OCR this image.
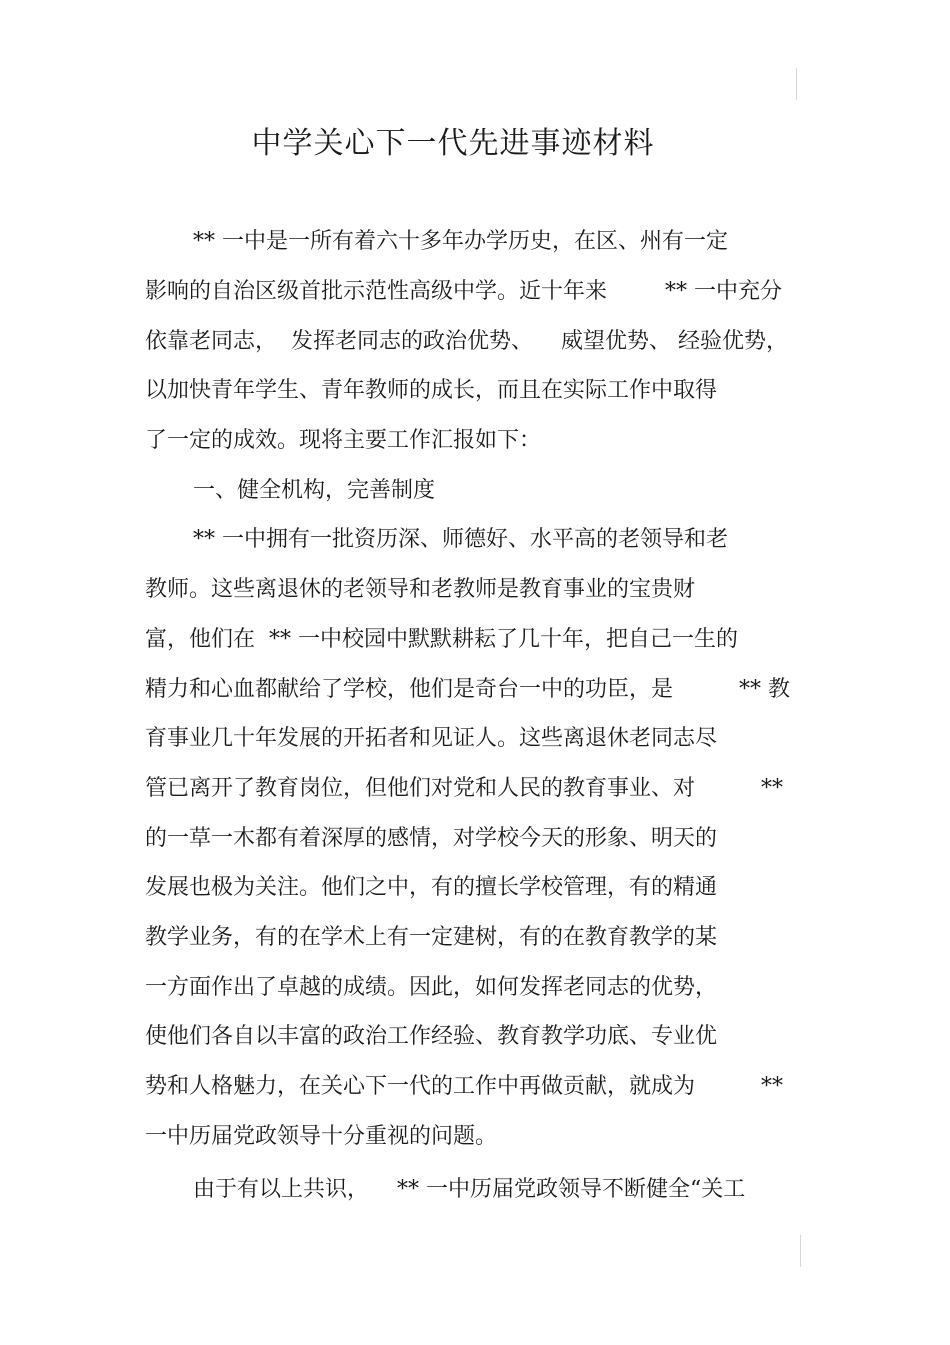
中学关心下一代先进事迹材料

** 一中是一所有着六十多年办学历史，在区、州有一定

影响的自治区级首批示范性高级中学。近十年来　　  ** 一中充分

依靠老同志，  发挥老同志的政治优势、    威望优势、 经验优势，

以加快青年学生、青年教师的成长，而且在实际工作中取得

了一定的成效。现将主要工作汇报如下：

一、健全机构，完善制度

** 一中拥有一批资历深、师德好、水平高的老领导和老

教师。这些离退休的老领导和老教师是教育事业的宝贵财

富，他们在  ** 一中校园中默默耕耘了几十年，把自己一生的

精力和心血都献给了学校，他们是奇台一中的功臣，是　　　** 教

育事业几十年发展的开拓者和见证人。这些离退休老同志尽

管已离开了教育岗位，但他们对党和人民的教育事业、对　　　**

的一草一木都有着深厚的感情，对学校今天的形象、明天的

发展也极为关注。他们之中，有的擅长学校管理，有的精通

教学业务，有的在学术上有一定建树，有的在教育教学的某

一方面作出了卓越的成绩。因此，如何发挥老同志的优势，

使他们各自以丰富的政治工作经验、教育教学功底、专业优

势和人格魅力，在关心下一代的工作中再做贡献，就成为　　　**

一中历届党政领导十分重视的问题。

由于有以上共识，    ** 一中历届党政领导不断健全“关工
